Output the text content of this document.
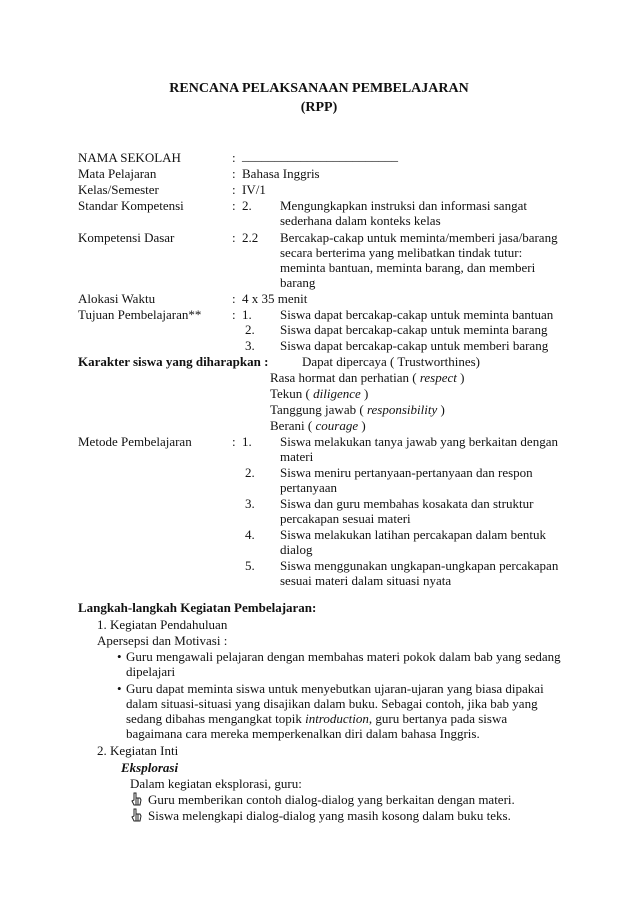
RENCANA PELAKSANAAN PEMBELAJARAN
(RPP)
NAMA SEKOLAH	: ________________________
Mata Pelajaran	: Bahasa Inggris
Kelas/Semester	: IV/1
Standar Kompetensi	: 2. Mengungkapkan instruksi dan informasi sangat
sederhana dalam konteks kelas
Kompetensi Dasar	: 2.2 Bercakap-cakap untuk meminta/memberi jasa/barang
secara berterima yang melibatkan tindak tutur:
meminta bantuan, meminta barang, dan memberi
barang
Alokasi Waktu	: 4 x 35 menit
Tujuan Pembelajaran** : 1. Siswa dapat bercakap-cakap untuk meminta bantuan
2. Siswa dapat bercakap-cakap untuk meminta barang
3. Siswa dapat bercakap-cakap untuk memberi barang
Karakter siswa yang diharapkan :	Dapat dipercaya ( Trustworthines)
Rasa hormat dan perhatian ( respect )
Tekun ( diligence )
Tanggung jawab ( responsibility )
Berani ( courage )
Metode Pembelajaran	: 1. Siswa melakukan tanya jawab yang berkaitan dengan
materi
2. Siswa meniru pertanyaan-pertanyaan dan respon
pertanyaan
3. Siswa dan guru membahas kosakata dan struktur
percakapan sesuai materi
4. Siswa melakukan latihan percakapan dalam bentuk
dialog
5. Siswa menggunakan ungkapan-ungkapan percakapan
sesuai materi dalam situasi nyata
Langkah-langkah Kegiatan Pembelajaran:
1. Kegiatan Pendahuluan
Apersepsi dan Motivasi :
• Guru mengawali pelajaran dengan membahas materi pokok dalam bab yang sedang
dipelajari
• Guru dapat meminta siswa untuk menyebutkan ujaran-ujaran yang biasa dipakai
dalam situasi-situasi yang disajikan dalam buku. Sebagai contoh, jika bab yang
sedang dibahas mengangkat topik introduction, guru bertanya pada siswa
bagaimana cara mereka memperkenalkan diri dalam bahasa Inggris.
2. Kegiatan Inti
Eksplorasi
Dalam kegiatan eksplorasi, guru:
Guru memberikan contoh dialog-dialog yang berkaitan dengan materi.
Siswa melengkapi dialog-dialog yang masih kosong dalam buku teks.
